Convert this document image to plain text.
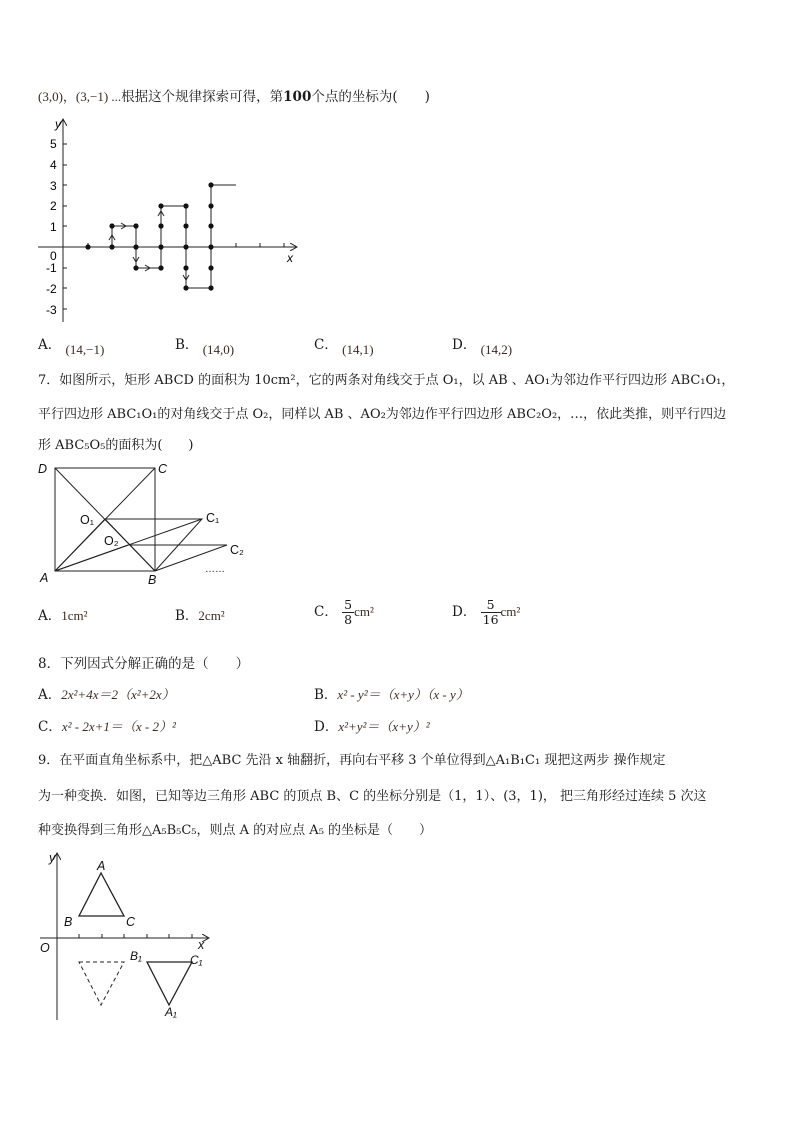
(3,0)，(3,−1) ...根据这个规律探索可得，第100个点的坐标为(　　)
y
x
0
5
4
3
2
1
-1
-2
-3
A． (14,−1)	B． (14,0)	C． (14,1)	D． (14,2)
7．如图所示，矩形 ABCD 的面积为 10cm²，它的两条对角线交于点 O₁，以 AB 、AO₁为邻边作平行四边形 ABC₁O₁，
平行四边形 ABC₁O₁的对角线交于点 O₂，同样以 AB 、AO₂为邻边作平行四边形 ABC₂O₂，…，依此类推，则平行四边
形 ABC₅O₅的面积为(　　)
D	C
A	B
O₁
O₂
C₁
C₂
……
A．1cm²	B．2cm²	C． $\frac{5}{8} cm^2$	D． $\frac{5}{16} cm^2$
8．下列因式分解正确的是（　　）
A．2x²+4x＝2（x²+2x）	B．x² - y²＝（x+y）（x - y）
C．x² - 2x+1＝（x - 2）²	D．x²+y²＝（x+y）²
9．在平面直角坐标系中，把△ABC 先沿 x 轴翻折，再向右平移 3 个单位得到△A₁B₁C₁ 现把这两步 操作规定
为一种变换．如图，已知等边三角形 ABC 的顶点 B、C 的坐标分别是（1，1）、(3，1)， 把三角形经过连续 5 次这
种变换得到三角形△A₅B₅C₅，则点 A 的对应点 A₅ 的坐标是（　　）
y
x
O
A
B	C
B₁	C₁
A₁
